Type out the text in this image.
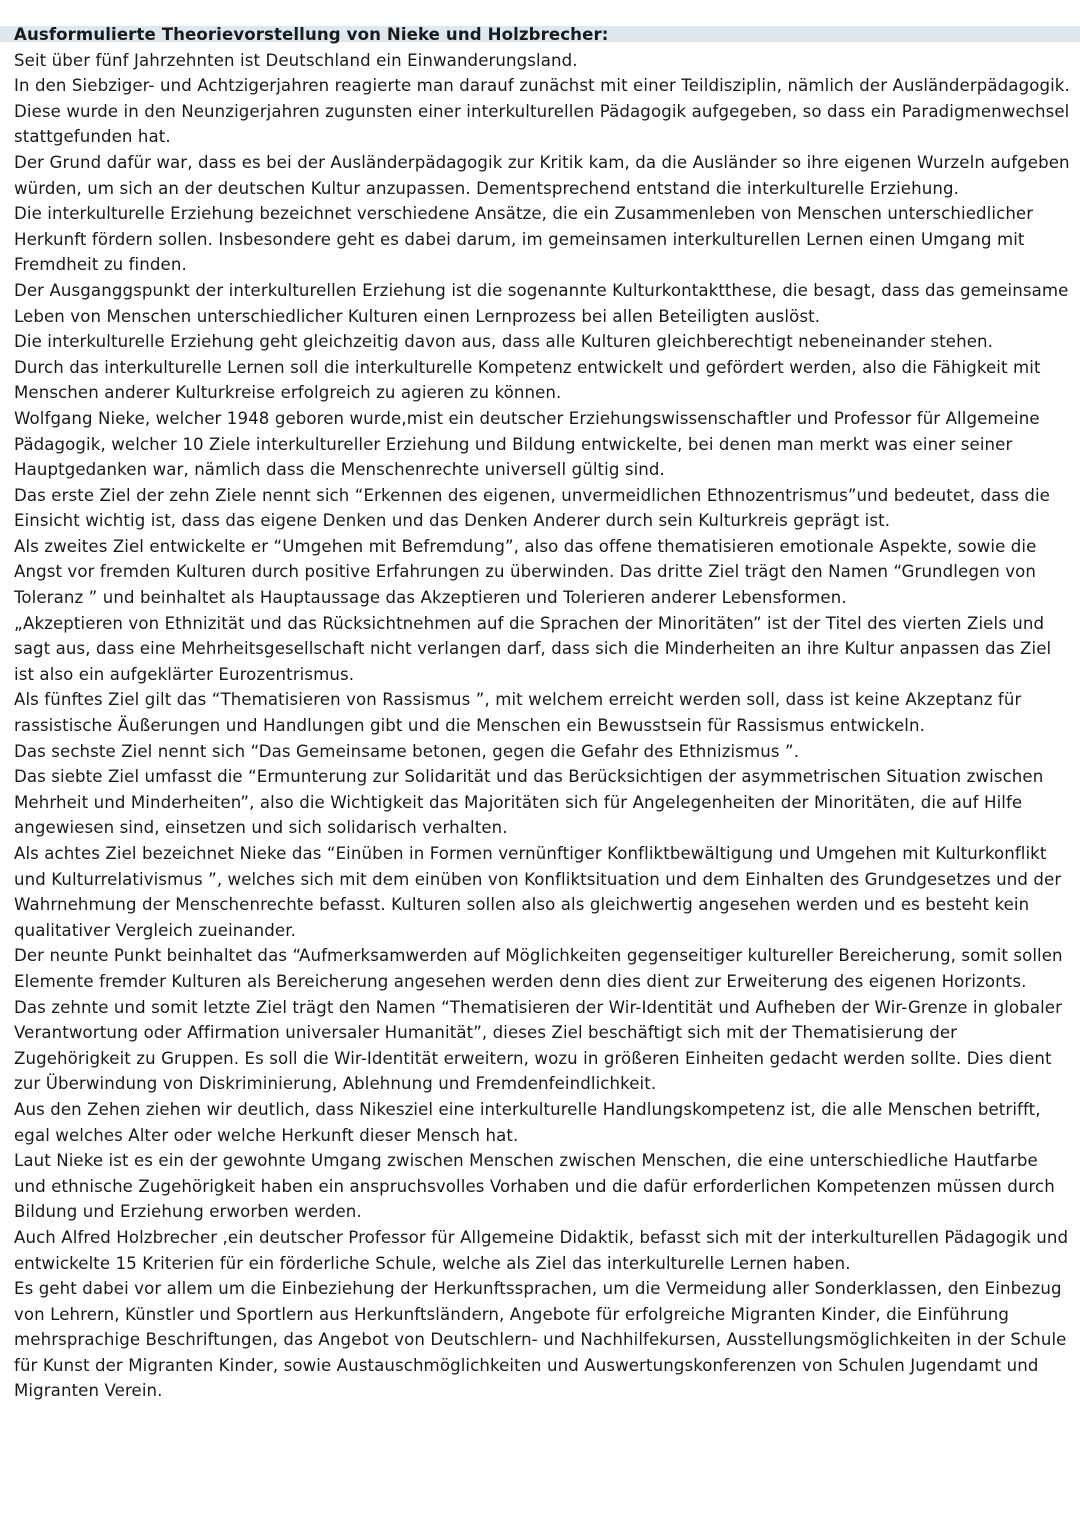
Ausformulierte Theorievorstellung von Nieke und Holzbrecher:

Seit über fünf Jahrzehnten ist Deutschland ein Einwanderungsland.

In den Siebziger- und Achtzigerjahren reagierte man darauf zunächst mit einer Teildisziplin, nämlich der Ausländerpädagogik. Diese wurde in den Neunzigerjahren zugunsten einer interkulturellen Pädagogik aufgegeben, so dass ein Paradigmenwechsel stattgefunden hat.

Der Grund dafür war, dass es bei der Ausländerpädagogik zur Kritik kam, da die Ausländer so ihre eigenen Wurzeln aufgeben würden, um sich an der deutschen Kultur anzupassen. Dementsprechend entstand die interkulturelle Erziehung.

Die interkulturelle Erziehung bezeichnet verschiedene Ansätze, die ein Zusammenleben von Menschen unterschiedlicher Herkunft fördern sollen. Insbesondere geht es dabei darum, im gemeinsamen interkulturellen Lernen einen Umgang mit Fremdheit zu finden.

Der Ausganggspunkt der interkulturellen Erziehung ist die sogenannte Kulturkontaktthese, die besagt, dass das gemeinsame Leben von Menschen unterschiedlicher Kulturen einen Lernprozess bei allen Beteiligten auslöst.

Die interkulturelle Erziehung geht gleichzeitig davon aus, dass alle Kulturen gleichberechtigt nebeneinander stehen.

Durch das interkulturelle Lernen soll die interkulturelle Kompetenz entwickelt und gefördert werden, also die Fähigkeit mit Menschen anderer Kulturkreise erfolgreich zu agieren zu können.

Wolfgang Nieke, welcher 1948 geboren wurde,mist ein deutscher Erziehungswissenschaftler und Professor für Allgemeine Pädagogik, welcher 10 Ziele interkultureller Erziehung und Bildung entwickelte, bei denen man merkt was einer seiner Hauptgedanken war, nämlich dass die Menschenrechte universell gültig sind.

Das erste Ziel der zehn Ziele nennt sich “Erkennen des eigenen, unvermeidlichen Ethnozentrismus”und bedeutet, dass die Einsicht wichtig ist, dass das eigene Denken und das Denken Anderer durch sein Kulturkreis geprägt ist.

Als zweites Ziel entwickelte er “Umgehen mit Befremdung”, also das offene thematisieren emotionale Aspekte, sowie die Angst vor fremden Kulturen durch positive Erfahrungen zu überwinden. Das dritte Ziel trägt den Namen “Grundlegen von Toleranz ” und beinhaltet als Hauptaussage das Akzeptieren und Tolerieren anderer Lebensformen.

„Akzeptieren von Ethnizität und das Rücksichtnehmen auf die Sprachen der Minoritäten” ist der Titel des vierten Ziels und sagt aus, dass eine Mehrheitsgesellschaft nicht verlangen darf, dass sich die Minderheiten an ihre Kultur anpassen das Ziel ist also ein aufgeklärter Eurozentrismus.

Als fünftes Ziel gilt das “Thematisieren von Rassismus ”, mit welchem erreicht werden soll, dass ist keine Akzeptanz für rassistische Äußerungen und Handlungen gibt und die Menschen ein Bewusstsein für Rassismus entwickeln.

Das sechste Ziel nennt sich “Das Gemeinsame betonen, gegen die Gefahr des Ethnizismus ”.

Das siebte Ziel umfasst die “Ermunterung zur Solidarität und das Berücksichtigen der asymmetrischen Situation zwischen Mehrheit und Minderheiten”, also die Wichtigkeit das Majoritäten sich für Angelegenheiten der Minoritäten, die auf Hilfe angewiesen sind, einsetzen und sich solidarisch verhalten.

Als achtes Ziel bezeichnet Nieke das “Einüben in Formen vernünftiger Konfliktbewältigung und Umgehen mit Kulturkonflikt und Kulturrelativismus ”, welches sich mit dem einüben von Konfliktsituation und dem Einhalten des Grundgesetzes und der Wahrnehmung der Menschenrechte befasst. Kulturen sollen also als gleichwertig angesehen werden und es besteht kein qualitativer Vergleich zueinander.

Der neunte Punkt beinhaltet das “Aufmerksamwerden auf Möglichkeiten gegenseitiger kultureller Bereicherung, somit sollen Elemente fremder Kulturen als Bereicherung angesehen werden denn dies dient zur Erweiterung des eigenen Horizonts.

Das zehnte und somit letzte Ziel trägt den Namen “Thematisieren der Wir-Identität und Aufheben der Wir-Grenze in globaler Verantwortung oder Affirmation universaler Humanität”, dieses Ziel beschäftigt sich mit der Thematisierung der Zugehörigkeit zu Gruppen. Es soll die Wir-Identität erweitern, wozu in größeren Einheiten gedacht werden sollte. Dies dient zur Überwindung von Diskriminierung, Ablehnung und Fremdenfeindlichkeit.

Aus den Zehen ziehen wir deutlich, dass Nikesziel eine interkulturelle Handlungskompetenz ist, die alle Menschen betrifft, egal welches Alter oder welche Herkunft dieser Mensch hat.

Laut Nieke ist es ein der gewohnte Umgang zwischen Menschen zwischen Menschen, die eine unterschiedliche Hautfarbe und ethnische Zugehörigkeit haben ein anspruchsvolles Vorhaben und die dafür erforderlichen Kompetenzen müssen durch Bildung und Erziehung erworben werden.

Auch Alfred Holzbrecher ,ein deutscher Professor für Allgemeine Didaktik, befasst sich mit der interkulturellen Pädagogik und entwickelte 15 Kriterien für ein förderliche Schule, welche als Ziel das interkulturelle Lernen haben.

Es geht dabei vor allem um die Einbeziehung der Herkunftssprachen, um die Vermeidung aller Sonderklassen, den Einbezug von Lehrern, Künstler und Sportlern aus Herkunftsländern, Angebote für erfolgreiche Migranten Kinder, die Einführung mehrsprachige Beschriftungen, das Angebot von Deutschlern- und Nachhilfekursen, Ausstellungsmöglichkeiten in der Schule für Kunst der Migranten Kinder, sowie Austauschmöglichkeiten und Auswertungskonferenzen von Schulen Jugendamt und Migranten Verein.
